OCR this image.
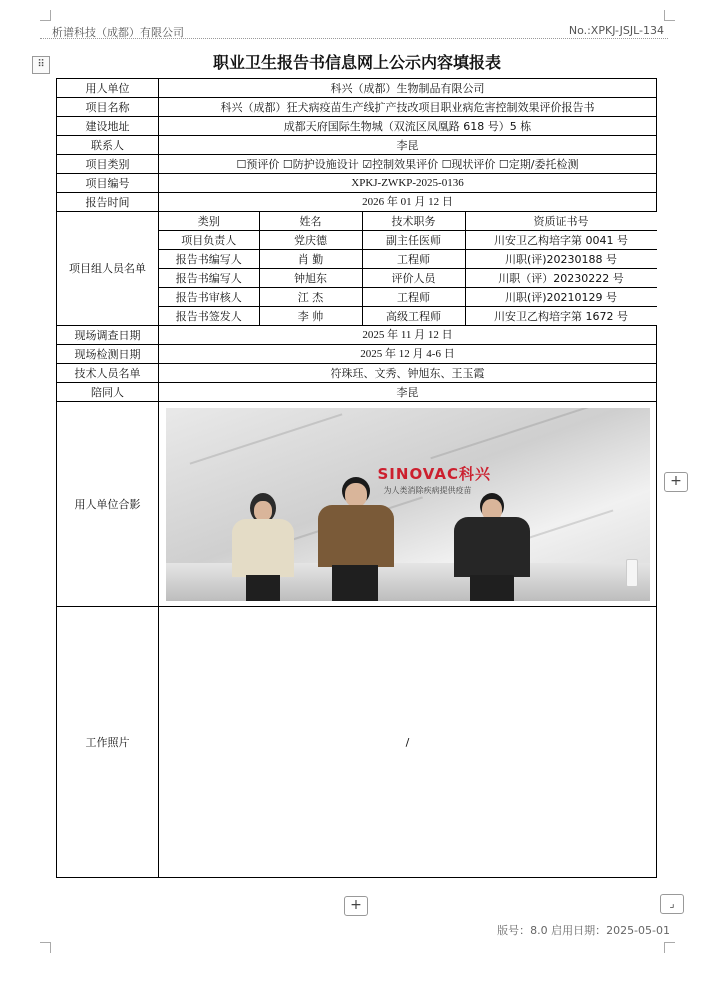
析谱科技（成都）有限公司	No.:XPKJ-JSJL-134
⠿	职业卫生报告书信息网上公示内容填报表
用人单位	科兴（成都）生物制品有限公司
项目名称	科兴（成都）狂犬病疫苗生产线扩产技改项目职业病危害控制效果评价报告书
建设地址	成都天府国际生物城（双流区凤凰路 618 号）5 栋
联系人	李昆
项目类别	☐预评价 ☐防护设施设计 ☑控制效果评价 ☐现状评价 ☐定期/委托检测
项目编号	XPKJ-ZWKP-2025-0136
报告时间	2026 年 01 月 12 日
项目组人员名单	
类别	姓名	技术职务	资质证书号
项目负责人	党庆德	副主任医师	川安卫乙构培字第 0041 号
报告书编写人	肖 勤	工程师	川职(评)20230188 号
报告书编写人	钟旭东	评价人员	川职（评）20230222 号
报告书审核人	江 杰	工程师	川职(评)20210129 号
报告书签发人	李 帅	高级工程师	川安卫乙构培字第 1672 号

现场调查日期	2025 年 11 月 12 日
现场检测日期	2025 年 12 月 4-6 日
技术人员名单	符珠珏、文秀、钟旭东、王玉霞
陪同人	李昆
用人单位合影	
SINOVAC科兴
为人类消除疾病提供疫苗

工作照片	/
+
+	⌟
版号：8.0 启用日期：2025-05-01
